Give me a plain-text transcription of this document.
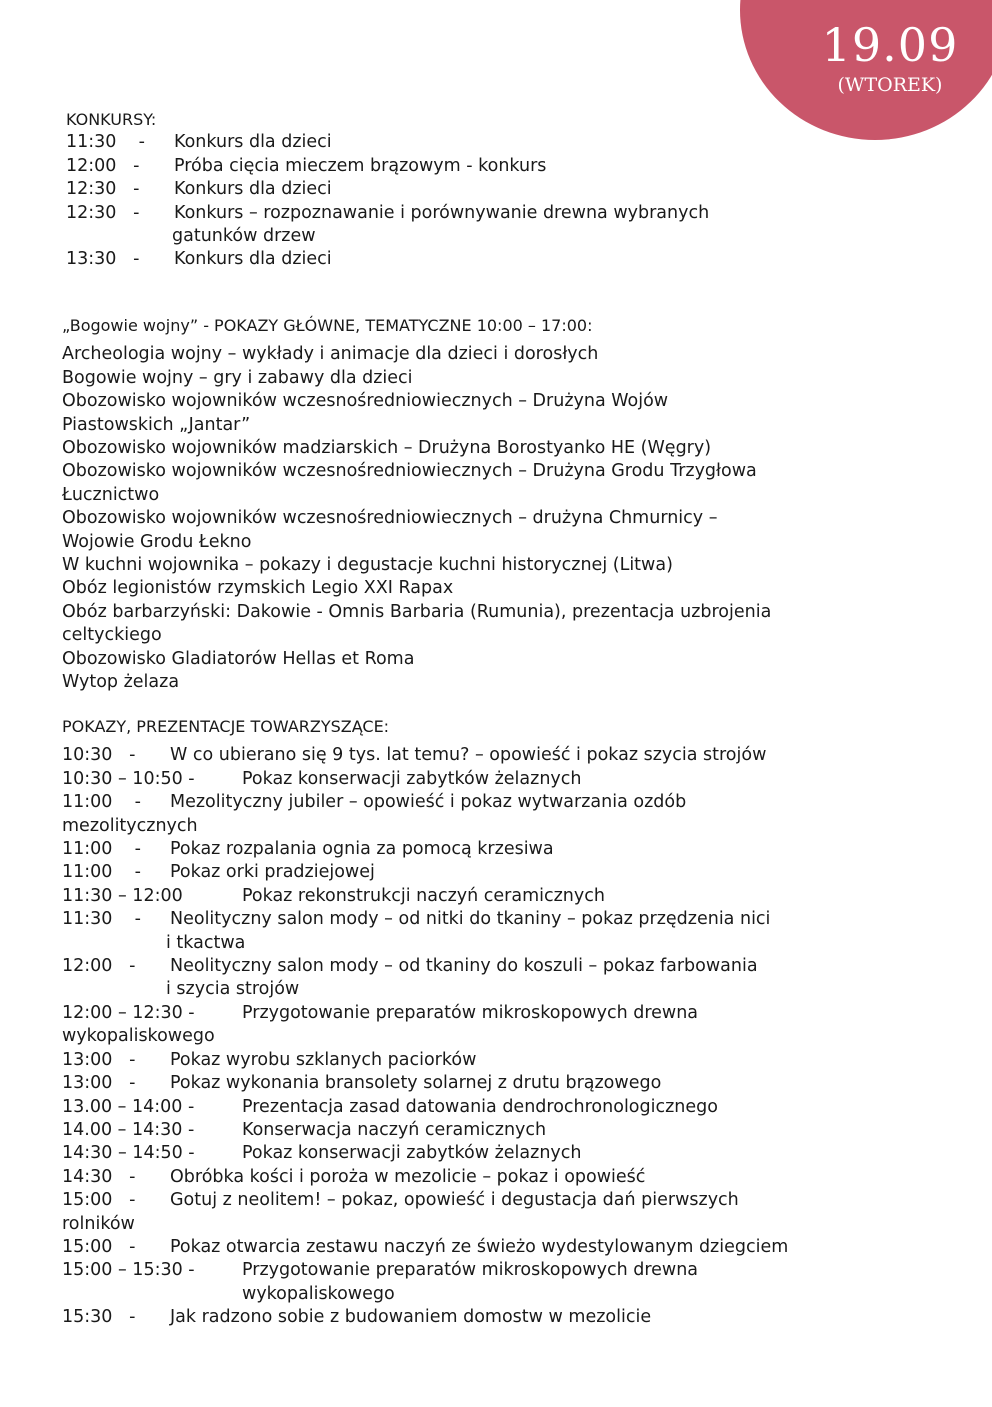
19.09
(WTOREK)

KONKURSY:

11:30    -	Konkurs dla dzieci
12:00   -	Próba cięcia mieczem brązowym - konkurs
12:30   -	Konkurs dla dzieci
12:30   -	Konkurs – rozpoznawanie i porównywanie drewna wybranych
gatunków drzew
13:30   -	Konkurs dla dzieci

„Bogowie wojny” - POKAZY GŁÓWNE, TEMATYCZNE 10:00 – 17:00:

Archeologia wojny – wykłady i animacje dla dzieci i dorosłych

Bogowie wojny – gry i zabawy dla dzieci

Obozowisko wojowników wczesnośredniowiecznych – Drużyna Wojów

Piastowskich „Jantar”

Obozowisko wojowników madziarskich – Drużyna Borostyanko HE (Węgry)

Obozowisko wojowników wczesnośredniowiecznych – Drużyna Grodu Trzygłowa

Łucznictwo

Obozowisko wojowników wczesnośredniowiecznych – drużyna Chmurnicy –

Wojowie Grodu Łekno

W kuchni wojownika – pokazy i degustacje kuchni historycznej (Litwa)

Obóz legionistów rzymskich Legio XXI Rapax

Obóz barbarzyński: Dakowie - Omnis Barbaria (Rumunia), prezentacja uzbrojenia

celtyckiego

Obozowisko Gladiatorów Hellas et Roma

Wytop żelaza

POKAZY, PREZENTACJE TOWARZYSZĄCE:

10:30   -	W co ubierano się 9 tys. lat temu? – opowieść i pokaz szycia strojów
10:30 – 10:50 -	Pokaz konserwacji zabytków żelaznych
11:00    -	Mezolityczny jubiler – opowieść i pokaz wytwarzania ozdób
mezolitycznych
11:00    -	Pokaz rozpalania ognia za pomocą krzesiwa
11:00    -	Pokaz orki pradziejowej
11:30 – 12:00	Pokaz rekonstrukcji naczyń ceramicznych
11:30    -	Neolityczny salon mody – od nitki do tkaniny – pokaz przędzenia nici
i tkactwa
12:00   -	Neolityczny salon mody – od tkaniny do koszuli – pokaz farbowania
i szycia strojów
12:00 – 12:30 -	Przygotowanie preparatów mikroskopowych drewna
wykopaliskowego
13:00   -	Pokaz wyrobu szklanych paciorków
13:00   -	Pokaz wykonania bransolety solarnej z drutu brązowego
13.00 – 14:00 -	Prezentacja zasad datowania dendrochronologicznego
14.00 – 14:30 -	Konserwacja naczyń ceramicznych
14:30 – 14:50 -	Pokaz konserwacji zabytków żelaznych
14:30   -	Obróbka kości i poroża w mezolicie – pokaz i opowieść
15:00   -	Gotuj z neolitem! – pokaz, opowieść i degustacja dań pierwszych
rolników
15:00   -	Pokaz otwarcia zestawu naczyń ze świeżo wydestylowanym dziegciem
15:00 – 15:30 -	Przygotowanie preparatów mikroskopowych drewna
wykopaliskowego
15:30   -	Jak radzono sobie z budowaniem domostw w mezolicie
